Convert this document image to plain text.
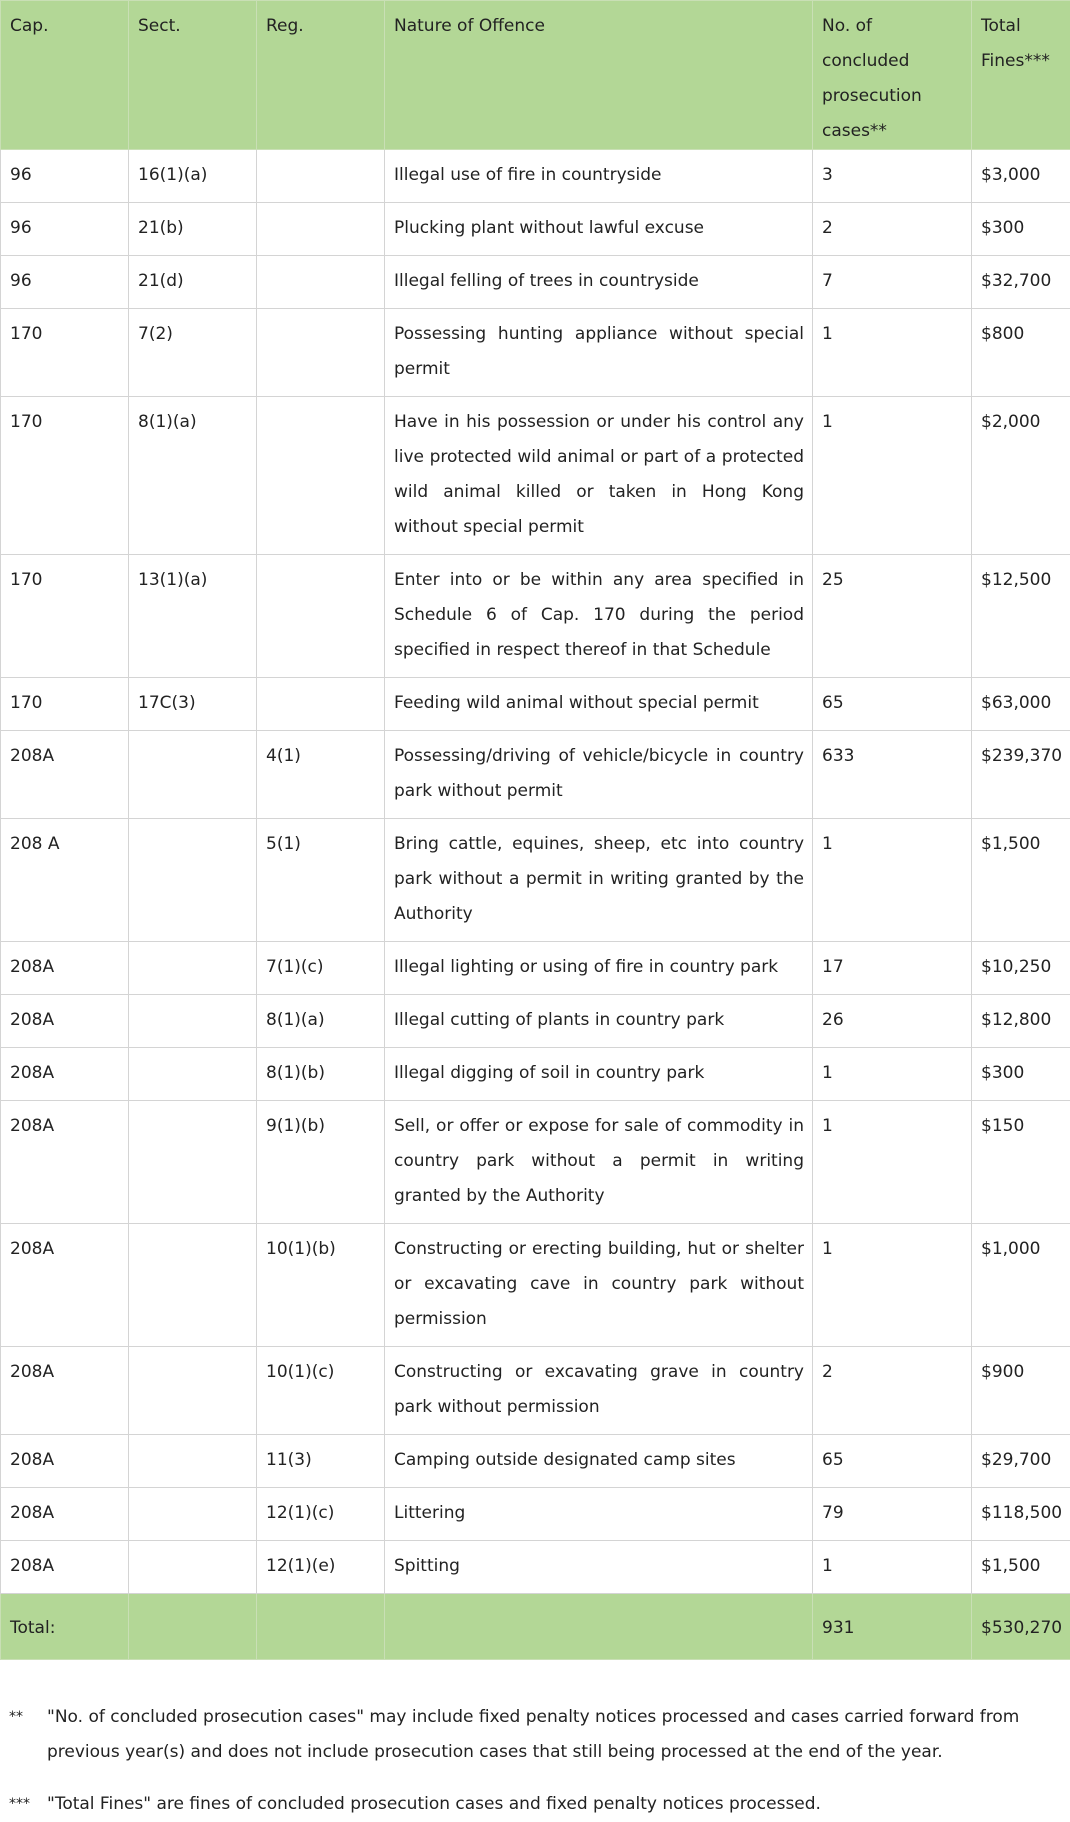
Cap.	Sect.	Reg.	Nature of Offence	No. of concluded prosecution cases**	Total Fines***
96	16(1)(a)		Illegal use of fire in countryside	3	$3,000
96	21(b)		Plucking plant without lawful excuse	2	$300
96	21(d)		Illegal felling of trees in countryside	7	$32,700
170	7(2)		Possessing hunting appliance without special permit	1	$800
170	8(1)(a)		Have in his possession or under his control any live protected wild animal or part of a protected wild animal killed or taken in Hong Kong without special permit	1	$2,000
170	13(1)(a)		Enter into or be within any area specified in Schedule 6 of Cap. 170 during the period specified in respect thereof in that Schedule	25	$12,500
170	17C(3)		Feeding wild animal without special permit	65	$63,000
208A		4(1)	Possessing/driving of vehicle/bicycle in country park without permit	633	$239,370
208 A		5(1)	Bring cattle, equines, sheep, etc into country park without a permit in writing granted by the Authority	1	$1,500
208A		7(1)(c)	Illegal lighting or using of fire in country park	17	$10,250
208A		8(1)(a)	Illegal cutting of plants in country park	26	$12,800
208A		8(1)(b)	Illegal digging of soil in country park	1	$300
208A		9(1)(b)	Sell, or offer or expose for sale of commodity in country park without a permit in writing granted by the Authority	1	$150
208A		10(1)(b)	Constructing or erecting building, hut or shelter or excavating cave in country park without permission	1	$1,000
208A		10(1)(c)	Constructing or excavating grave in country park without permission	2	$900
208A		11(3)	Camping outside designated camp sites	65	$29,700
208A		12(1)(c)	Littering	79	$118,500
208A		12(1)(e)	Spitting	1	$1,500
Total:				931	$530,270
**	"No. of concluded prosecution cases" may include fixed penalty notices processed and cases carried forward from previous year(s) and does not include prosecution cases that still being processed at the end of the year.
***	"Total Fines" are fines of concluded prosecution cases and fixed penalty notices processed.
